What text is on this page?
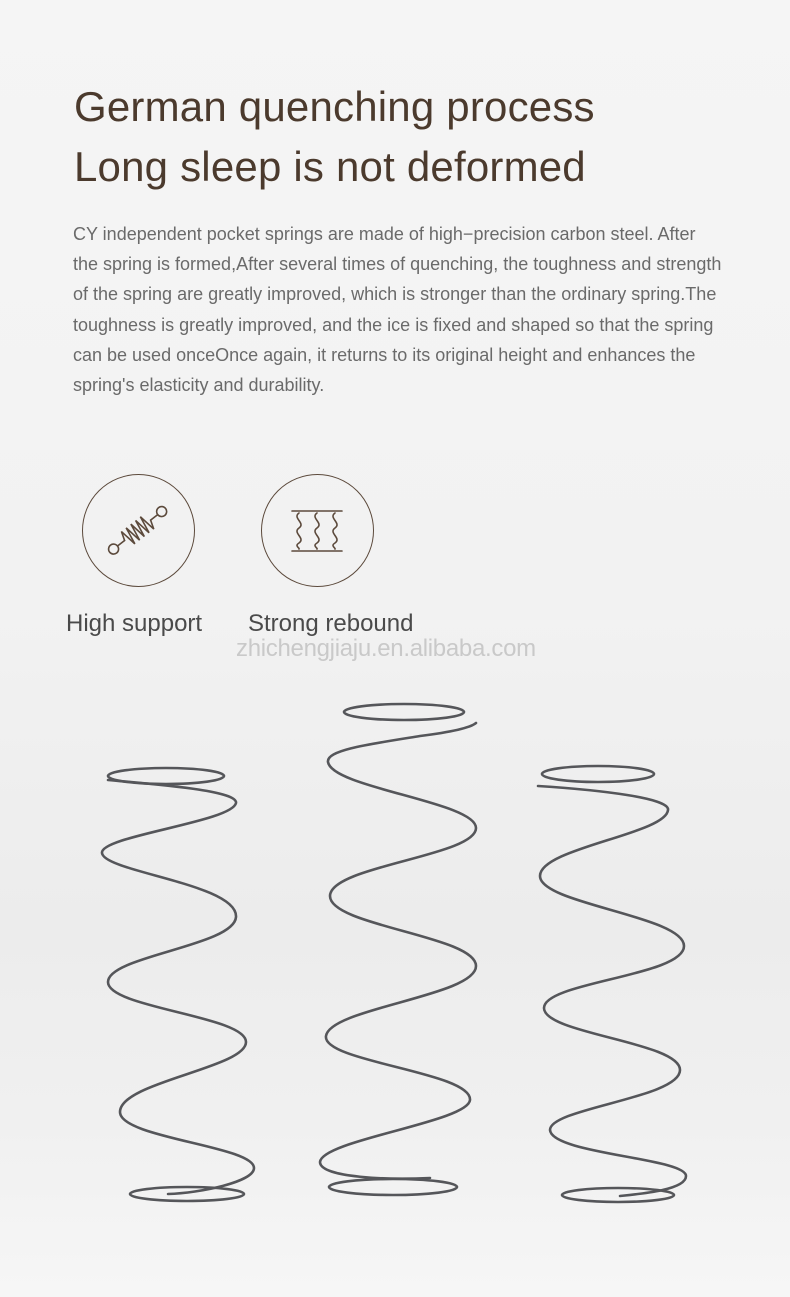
German quenching process
Long sleep is not deformed

CY independent pocket springs are made of high−precision carbon steel. After
the spring is formed,After several times of quenching, the toughness and strength
of the spring are greatly improved, which is stronger than the ordinary spring.The
toughness is greatly improved, and the ice is fixed and shaped so that the spring
can be used onceOnce again, it returns to its original height and enhances the
spring's elasticity and durability.

High support Strong rebound
zhichengjiaju.en.alibaba.com
